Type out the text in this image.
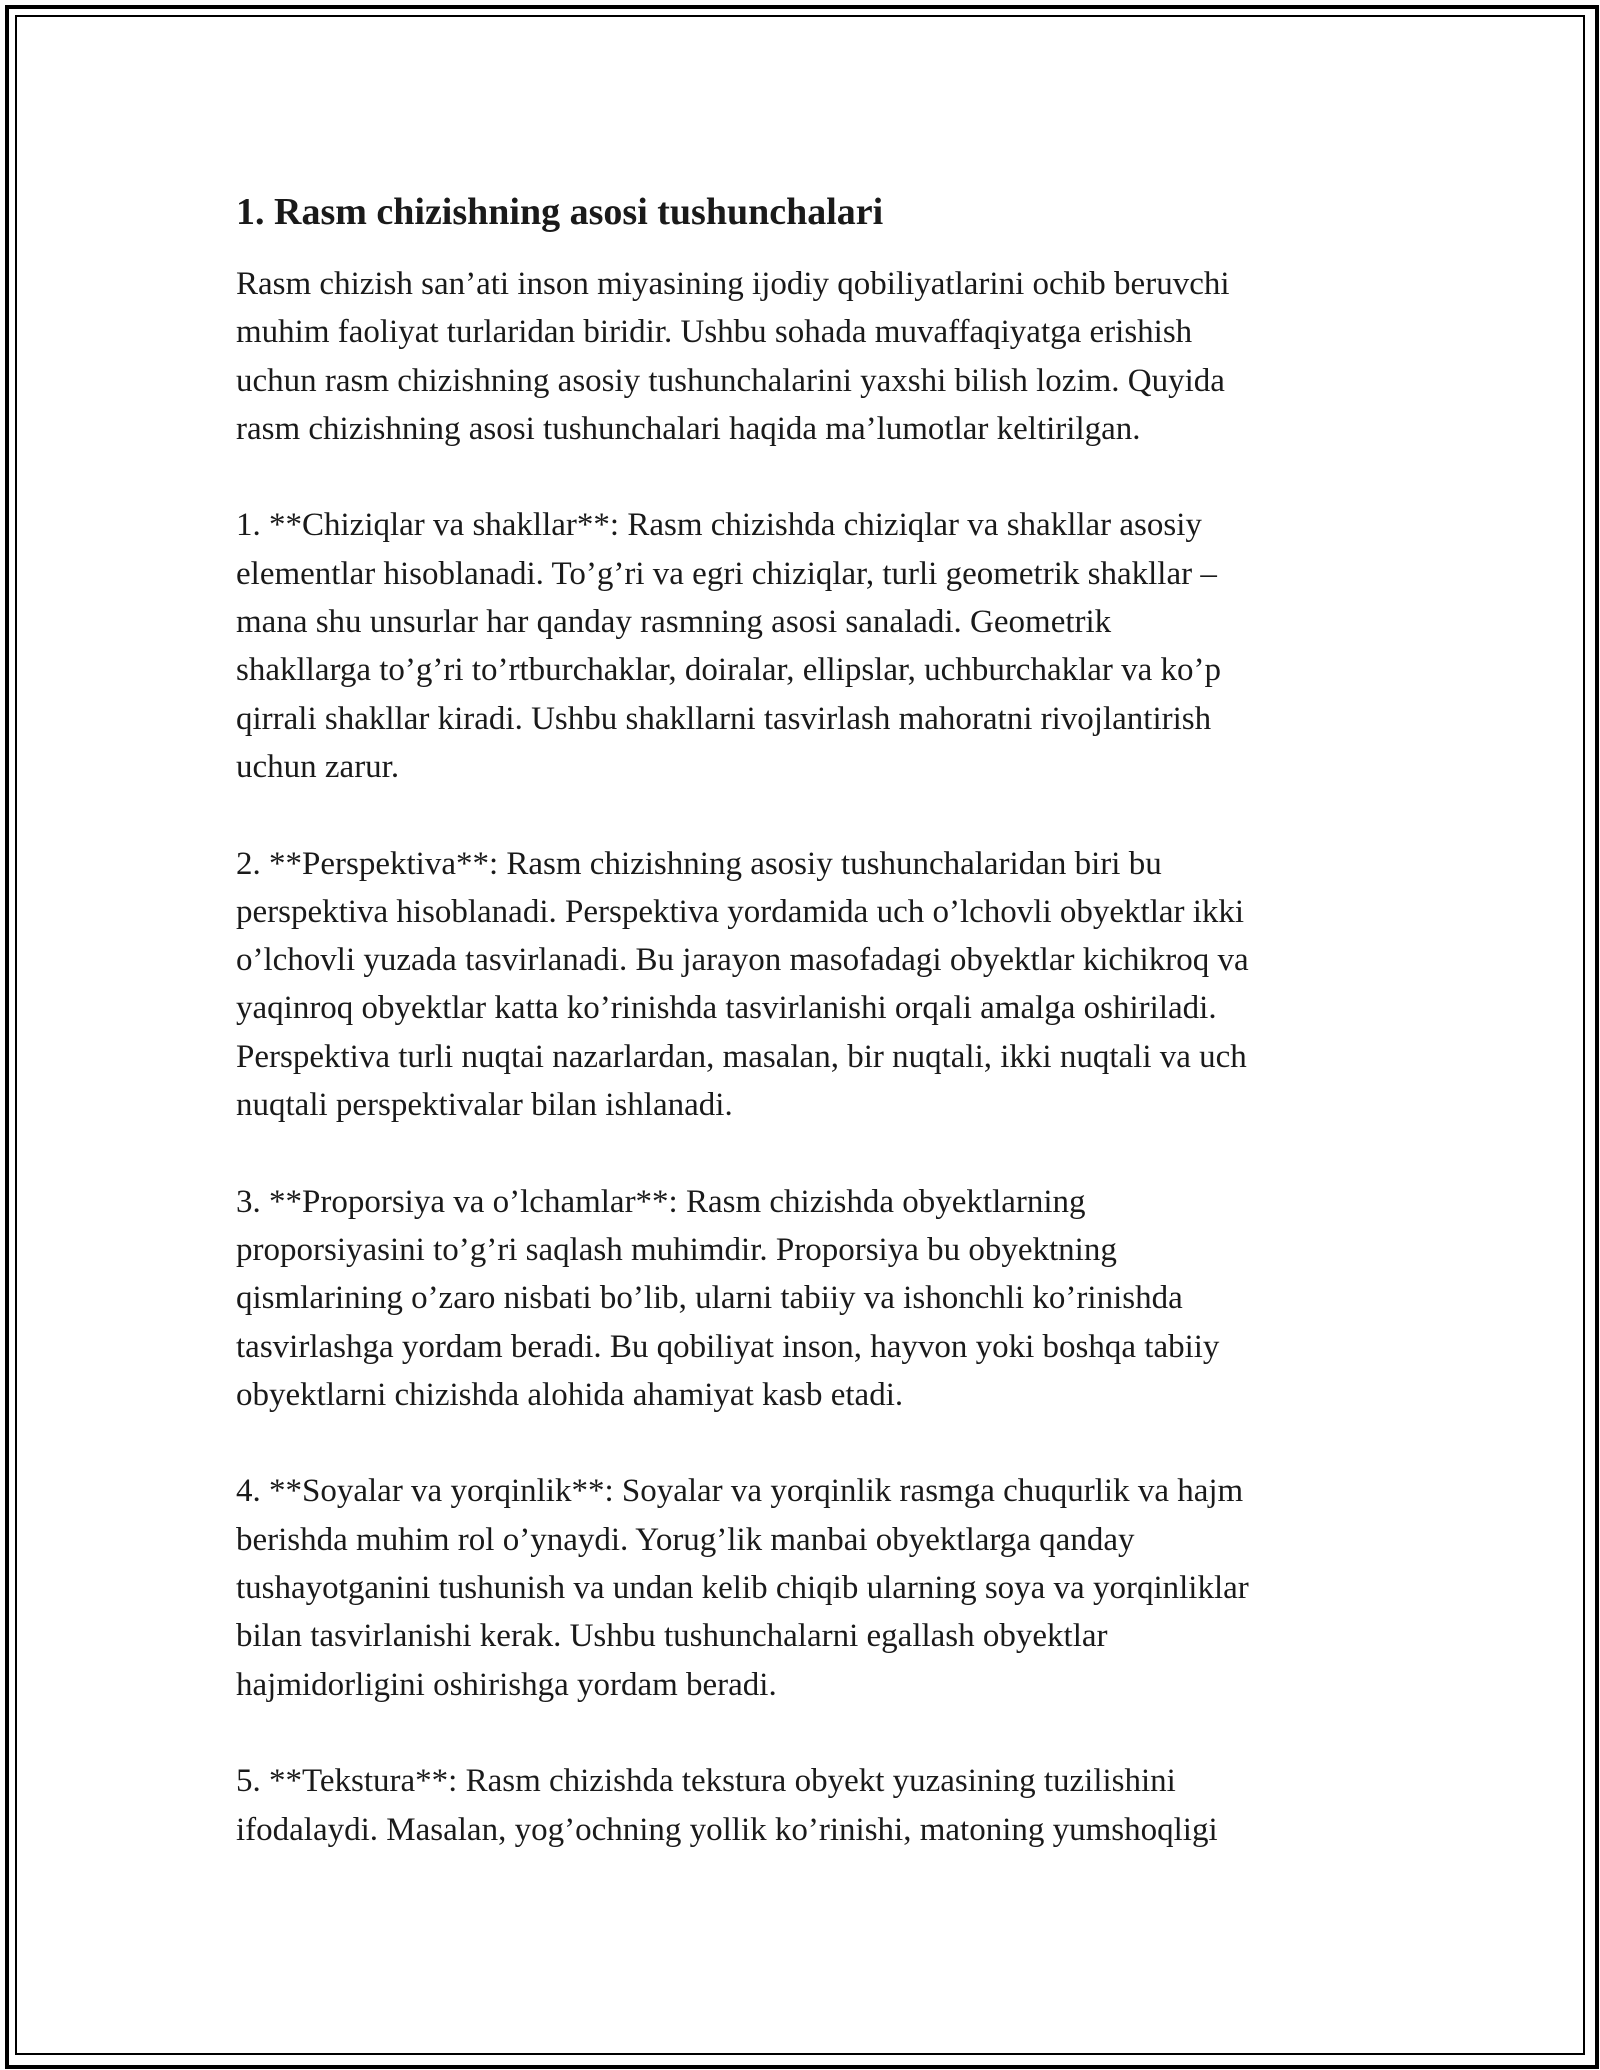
1. Rasm chizishning asosi tushunchalari
Rasm chizish san’ati inson miyasining ijodiy qobiliyatlarini ochib beruvchi
muhim faoliyat turlaridan biridir. Ushbu sohada muvaffaqiyatga erishish
uchun rasm chizishning asosiy tushunchalarini yaxshi bilish lozim. Quyida
rasm chizishning asosi tushunchalari haqida ma’lumotlar keltirilgan.
1. **Chiziqlar va shakllar**: Rasm chizishda chiziqlar va shakllar asosiy
elementlar hisoblanadi. To’g’ri va egri chiziqlar, turli geometrik shakllar –
mana shu unsurlar har qanday rasmning asosi sanaladi. Geometrik
shakllarga to’g’ri to’rtburchaklar, doiralar, ellipslar, uchburchaklar va ko’p
qirrali shakllar kiradi. Ushbu shakllarni tasvirlash mahoratni rivojlantirish
uchun zarur.
2. **Perspektiva**: Rasm chizishning asosiy tushunchalaridan biri bu
perspektiva hisoblanadi. Perspektiva yordamida uch o’lchovli obyektlar ikki
o’lchovli yuzada tasvirlanadi. Bu jarayon masofadagi obyektlar kichikroq va
yaqinroq obyektlar katta ko’rinishda tasvirlanishi orqali amalga oshiriladi.
Perspektiva turli nuqtai nazarlardan, masalan, bir nuqtali, ikki nuqtali va uch
nuqtali perspektivalar bilan ishlanadi.
3. **Proporsiya va o’lchamlar**: Rasm chizishda obyektlarning
proporsiyasini to’g’ri saqlash muhimdir. Proporsiya bu obyektning
qismlarining o’zaro nisbati bo’lib, ularni tabiiy va ishonchli ko’rinishda
tasvirlashga yordam beradi. Bu qobiliyat inson, hayvon yoki boshqa tabiiy
obyektlarni chizishda alohida ahamiyat kasb etadi.
4. **Soyalar va yorqinlik**: Soyalar va yorqinlik rasmga chuqurlik va hajm
berishda muhim rol o’ynaydi. Yorug’lik manbai obyektlarga qanday
tushayotganini tushunish va undan kelib chiqib ularning soya va yorqinliklar
bilan tasvirlanishi kerak. Ushbu tushunchalarni egallash obyektlar
hajmidorligini oshirishga yordam beradi.
5. **Tekstura**: Rasm chizishda tekstura obyekt yuzasining tuzilishini
ifodalaydi. Masalan, yog’ochning yollik ko’rinishi, matoning yumshoqligi
